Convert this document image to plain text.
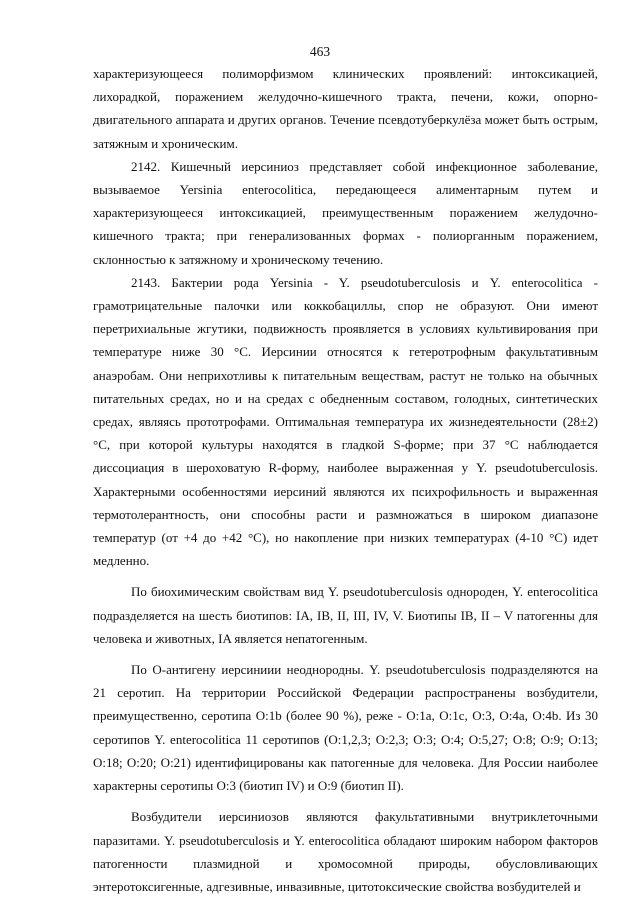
463

характеризующееся полиморфизмом клинических проявлений: интоксикацией, лихорадкой, поражением желудочно-кишечного тракта, печени, кожи, опорно-двигательного аппарата и других органов. Течение псевдотуберкулёза может быть острым, затяжным и хроническим.

2142. Кишечный иерсиниоз представляет собой инфекционное заболевание, вызываемое Yersinia enterocolitica, передающееся алиментарным путем и характеризующееся интоксикацией, преимущественным поражением желудочно-кишечного тракта; при генерализованных формах - полиорганным поражением, склонностью к затяжному и хроническому течению.

2143. Бактерии рода Yersinia - Y. pseudotuberculosis и Y. enterocolitica - грамотрицательные палочки или коккобациллы, спор не образуют. Они имеют перетрихиальные жгутики, подвижность проявляется в условиях культивирования при температуре ниже 30 °С. Иерсинии относятся к гетеротрофным факультативным анаэробам. Они неприхотливы к питательным веществам, растут не только на обычных питательных средах, но и на средах с обедненным составом, голодных, синтетических средах, являясь прототрофами. Оптимальная температура их жизнедеятельности (28±2) °С, при которой культуры находятся в гладкой S-форме; при 37 °С наблюдается диссоциация в шероховатую R-форму, наиболее выраженная у Y. pseudotuberculosis. Характерными особенностями иерсиний являются их психрофильность и выраженная термотолерантность, они способны расти и размножаться в широком диапазоне температур (от +4 до +42 °С), но накопление при низких температурах (4-10 °С) идет медленно.

По биохимическим свойствам вид Y. pseudotuberculosis однороден, Y. enterocolitica подразделяется на шесть биотипов: IA, IB, II, III, IV, V. Биотипы IB, II – V патогенны для человека и животных, IA является непатогенным.

По О-антигену иерсиниии неоднородны. Y. pseudotuberculosis подразделяются на 21 серотип. На территории Российской Федерации распространены возбудители, преимущественно, серотипа O:1b (более 90 %), реже - O:1a, O:1c, O:3, O:4a, O:4b. Из 30 серотипов Y. enterocolitica 11 серотипов (O:1,2,3; O:2,3; O:3; O:4; O:5,27; O:8; O:9; O:13; O:18; O:20; O:21) идентифицированы как патогенные для человека. Для России наиболее характерны серотипы O:3 (биотип IV) и O:9 (биотип II).

Возбудители иерсиниозов являются факультативными внутриклеточными паразитами. Y. pseudotuberculosis и Y. enterocolitica обладают широким набором факторов патогенности плазмидной и хромосомной природы, обусловливающих энтеротоксигенные, адгезивные, инвазивные, цитотоксические свойства возбудителей и
